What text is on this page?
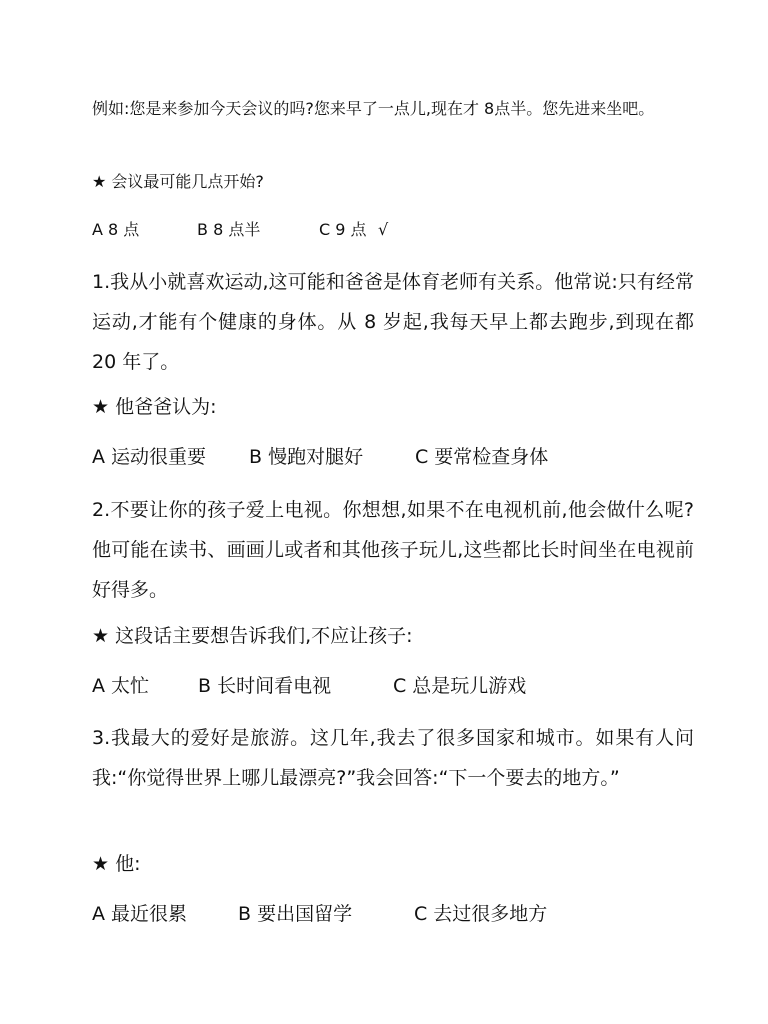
例如:您是来参加今天会议的吗?您来早了一点儿,现在才 8点半。您先进来坐吧。
★ 会议最可能几点开始?
A 8 点	B 8 点半	C 9 点 √
1.我从小就喜欢运动,这可能和爸爸是体育老师有关系。他常说:只有经常运动,才能有个健康的身体。从 8 岁起,我每天早上都去跑步,到现在都 20 年了。
★ 他爸爸认为:
A 运动很重要 B 慢跑对腿好	C 要常检查身体
2.不要让你的孩子爱上电视。你想想,如果不在电视机前,他会做什么呢? 他可能在读书、画画儿或者和其他孩子玩儿,这些都比长时间坐在电视前好得多。
★ 这段话主要想告诉我们,不应让孩子:
A 太忙	B 长时间看电视	C 总是玩儿游戏
3.我最大的爱好是旅游。这几年,我去了很多国家和城市。如果有人问我:“你觉得世界上哪儿最漂亮?”我会回答:“下一个要去的地方。”
★ 他:
A 最近很累	B 要出国留学	C 去过很多地方
